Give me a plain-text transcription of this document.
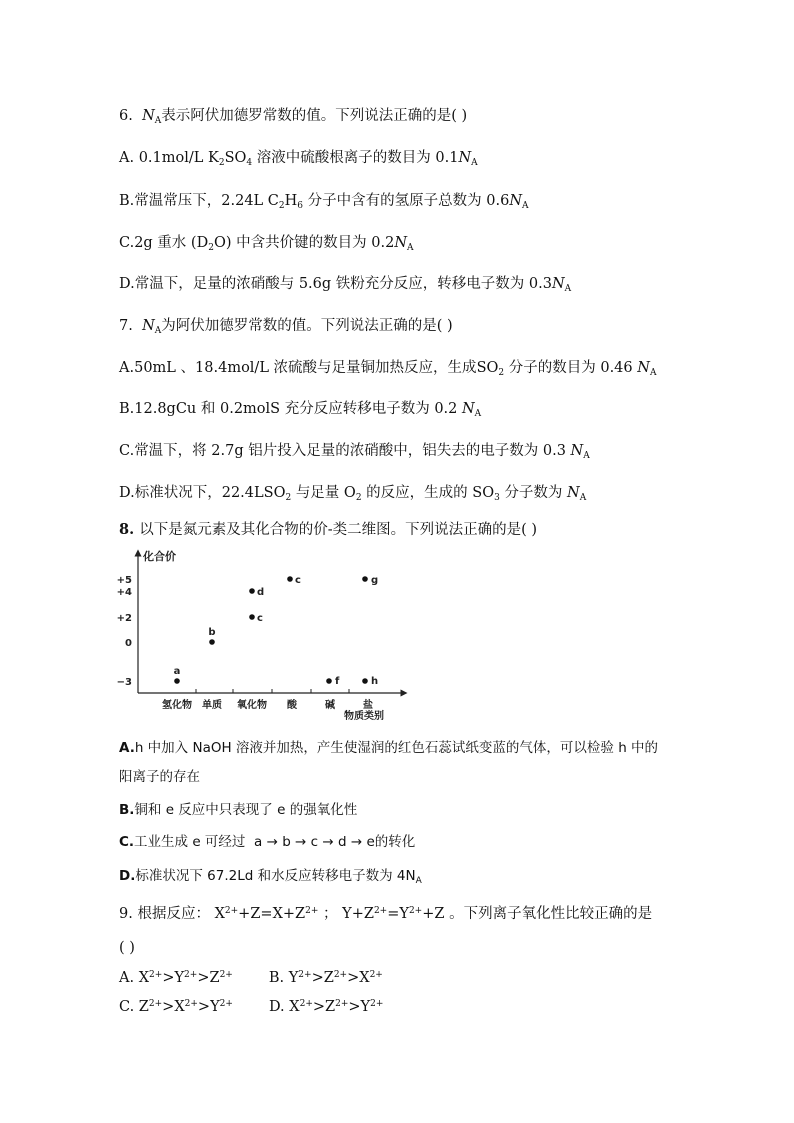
6. $N_A$表示阿伏加德罗常数的值。下列说法正确的是( )
A. 0.1mol/L $K_2SO_4$ 溶液中硫酸根离子的数目为 $0.1N_A$
B.常温常压下，2.24L $C_2H_6$ 分子中含有的氢原子总数为 $0.6N_A$
C.2g 重水 $(D_2O)$ 中含共价键的数目为 $0.2N_A$
D.常温下，足量的浓硝酸与 5.6g 铁粉充分反应，转移电子数为 $0.3N_A$
7. $N_A$为阿伏加德罗常数的值。下列说法正确的是( )
A.50mL 、18.4mol/L 浓硫酸与足量铜加热反应，生成$SO_2$ 分子的数目为 0.46 $N_A$
B.12.8gCu 和 0.2molS 充分反应转移电子数为 0.2 $N_A$
C.常温下，将 2.7g 铝片投入足量的浓硝酸中，铝失去的电子数为 0.3 $N_A$
D.标准状况下，$22.4LSO_2$ 与足量 $O_2$ 的反应，生成的 $SO_3$ 分子数为 $N_A$
8. 以下是氮元素及其化合物的价-类二维图。下列说法正确的是( )
化合价
物质类别
+5
+4
+2
0
−3
氢化物 单质 氧化物 酸	碱	盐
a
b
c
d
c
f
g
h
A.h 中加入 NaOH 溶液并加热，产生使湿润的红色石蕊试纸变蓝的气体，可以检验 h 中的
阳离子的存在
B.铜和 e 反应中只表现了 e 的强氧化性
C.工业生成 e 可经过 a → b → c → d → e的转化
D.标准状况下 67.2Ld 和水反应转移电子数为 $4N_A$
9. 根据反应： $X^{2+}+Z=X+Z^{2+}$ ； $Y+Z^{2+}=Y^{2+}+Z$ 。下列离子氧化性比较正确的是
( )
A. $X^{2+}>Y^{2+}>Z^{2+}$ B. $Y^{2+}>Z^{2+}>X^{2+}$
C. $Z^{2+}>X^{2+}>Y^{2+}$ D. $X^{2+}>Z^{2+}>Y^{2+}$
